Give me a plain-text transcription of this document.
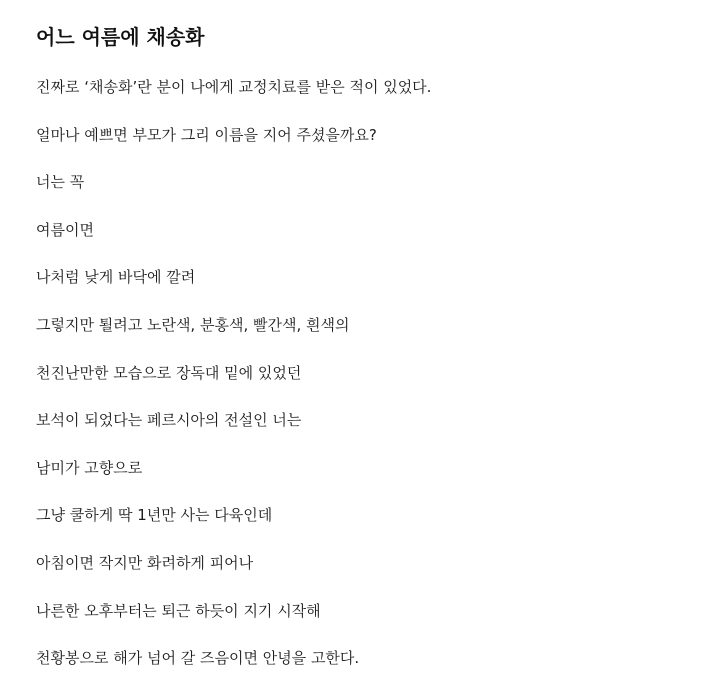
어느 여름에 채송화

진짜로 ‘채송화’란 분이 나에게 교정치료를 받은 적이 있었다.

얼마나 예쁘면 부모가 그리 이름을 지어 주셨을까요?

너는 꼭

여름이면

나처럼 낮게 바닥에 깔려

그렇지만 퇼려고 노란색, 분홍색, 빨간색, 흰색의

천진난만한 모습으로 장독대 밑에 있었던

보석이 되었다는 페르시아의 전설인 너는

남미가 고향으로

그냥 쿨하게 딱 1년만 사는 다육인데

아침이면 작지만 화려하게 피어나

나른한 오후부터는 퇴근 하듯이 지기 시작해

천황봉으로 해가 넘어 갈 즈음이면 안녕을 고한다.
